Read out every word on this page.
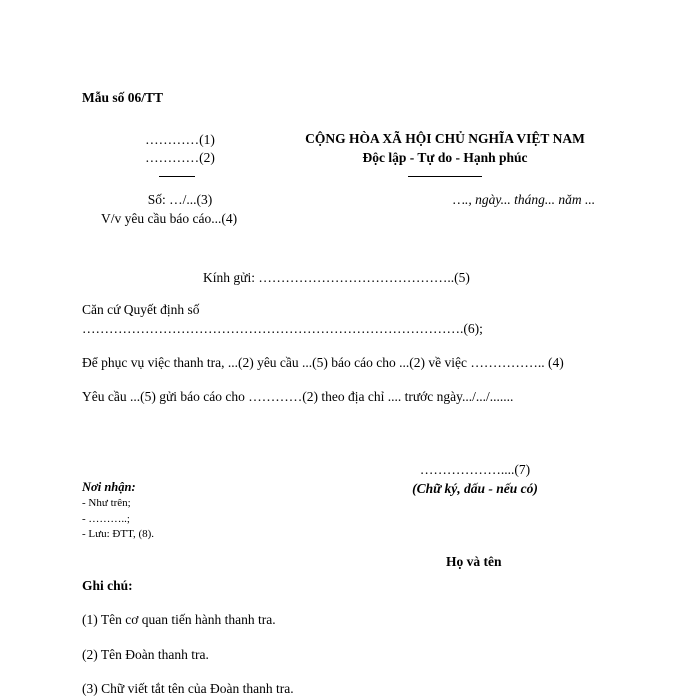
Mẫu số 06/TT
…………(1)
…………(2)
Số: …/...(3)
V/v yêu cầu báo cáo...(4)
CỘNG HÒA XÃ HỘI CHỦ NGHĨA VIỆT NAM
Độc lập - Tự do - Hạnh phúc
…., ngày... tháng... năm ...
Kính gửi: ……………………………………..(5)
Căn cứ Quyết định số
………………………………………………………………………….(6);
Để phục vụ việc thanh tra, ...(2) yêu cầu ...(5) báo cáo cho ...(2) về việc …………….. (4)
Yêu cầu ...(5) gửi báo cáo cho …………(2) theo địa chỉ .... trước ngày.../.../.......
………………....(7)
(Chữ ký, dấu - nếu có)
Họ và tên
Nơi nhận:
- Như trên;
- ………..;
- Lưu: ĐTT, (8).
Ghi chú:
(1) Tên cơ quan tiến hành thanh tra.
(2) Tên Đoàn thanh tra.
(3) Chữ viết tắt tên của Đoàn thanh tra.
